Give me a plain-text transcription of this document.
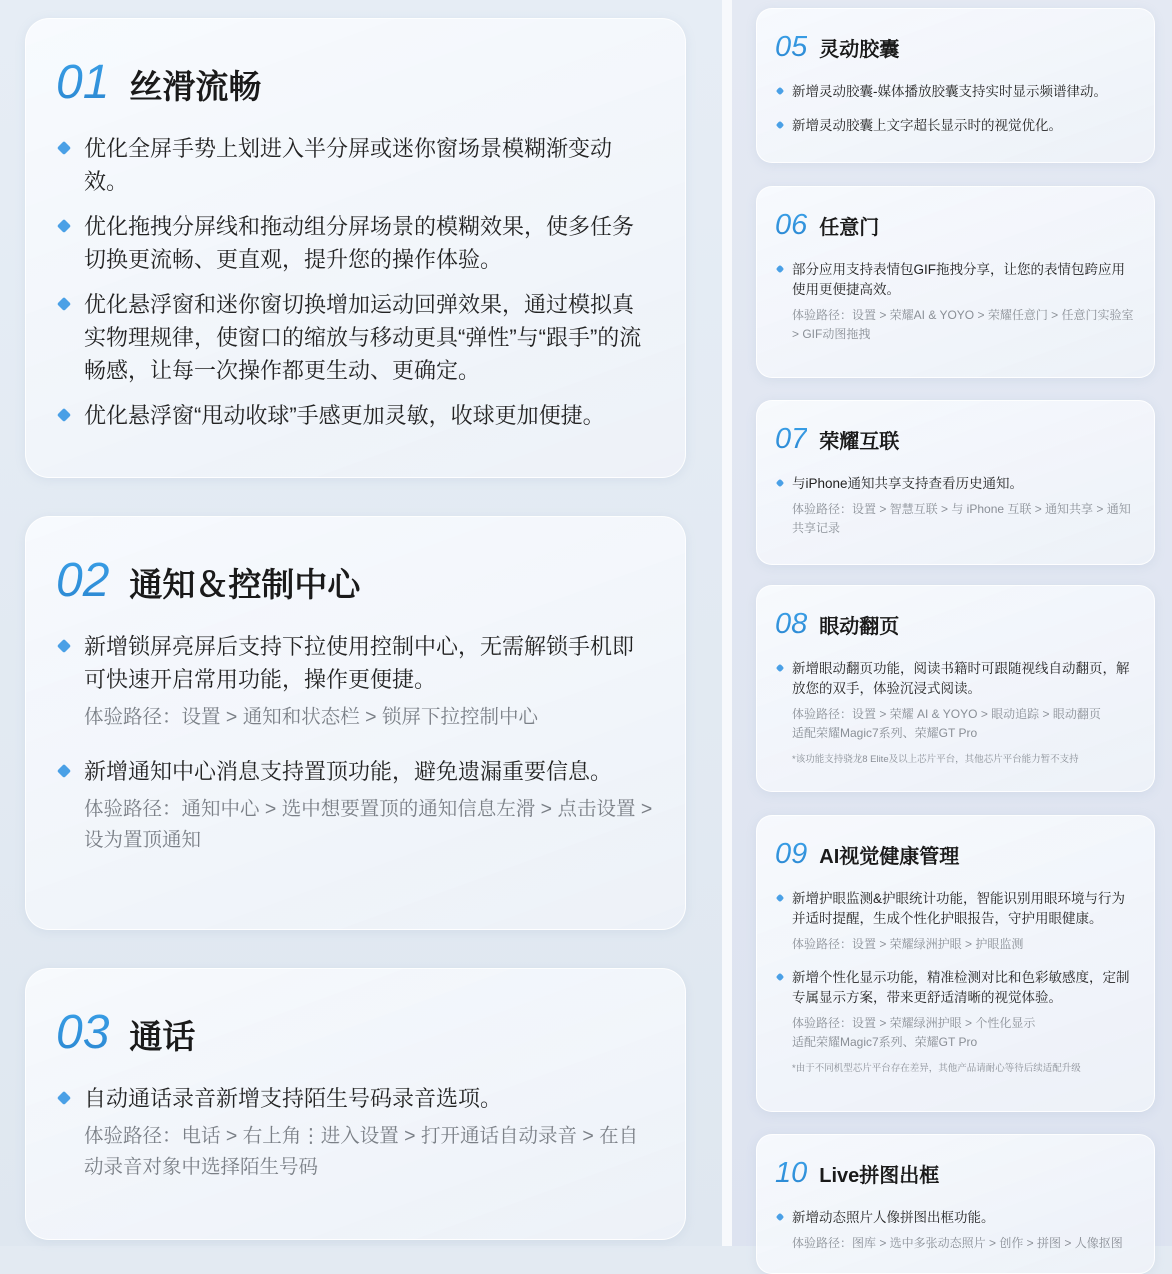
01 丝滑流畅
优化全屏手势上划进入半分屏或迷你窗场景模糊渐变动效。
优化拖拽分屏线和拖动组分屏场景的模糊效果，使多任务切换更流畅、更直观，提升您的操作体验。
优化悬浮窗和迷你窗切换增加运动回弹效果，通过模拟真实物理规律，使窗口的缩放与移动更具“弹性”与“跟手”的流畅感，让每一次操作都更生动、更确定。
优化悬浮窗“甩动收球”手感更加灵敏，收球更加便捷。
02 通知＆控制中心
新增锁屏亮屏后支持下拉使用控制中心，无需解锁手机即可快速开启常用功能，操作更便捷。
体验路径：设置 > 通知和状态栏 > 锁屏下拉控制中心
新增通知中心消息支持置顶功能，避免遗漏重要信息。
体验路径：通知中心 > 选中想要置顶的通知信息左滑 > 点击设置 > 设为置顶通知
03 通话
自动通话录音新增支持陌生号码录音选项。
体验路径：电话 > 右上角⋮进入设置 > 打开通话自动录音 > 在自动录音对象中选择陌生号码
05 灵动胶囊
新增灵动胶囊-媒体播放胶囊支持实时显示频谱律动。
新增灵动胶囊上文字超长显示时的视觉优化。
06 任意门
部分应用支持表情包GIF拖拽分享，让您的表情包跨应用使用更便捷高效。
体验路径：设置 > 荣耀AI & YOYO > 荣耀任意门 > 任意门实验室 > GIF动图拖拽
07 荣耀互联
与iPhone通知共享支持查看历史通知。
体验路径：设置 > 智慧互联 > 与 iPhone 互联 > 通知共享 > 通知共享记录
08 眼动翻页
新增眼动翻页功能，阅读书籍时可跟随视线自动翻页，解放您的双手，体验沉浸式阅读。
体验路径：设置 > 荣耀 AI & YOYO > 眼动追踪 > 眼动翻页
适配荣耀Magic7系列、荣耀GT Pro
*该功能支持骁龙8 Elite及以上芯片平台，其他芯片平台能力暂不支持
09 AI视觉健康管理
新增护眼监测&护眼统计功能，智能识别用眼环境与行为并适时提醒，生成个性化护眼报告，守护用眼健康。
体验路径：设置 > 荣耀绿洲护眼 > 护眼监测
新增个性化显示功能，精准检测对比和色彩敏感度，定制专属显示方案，带来更舒适清晰的视觉体验。
体验路径：设置 > 荣耀绿洲护眼 > 个性化显示
适配荣耀Magic7系列、荣耀GT Pro
*由于不同机型芯片平台存在差异，其他产品请耐心等待后续适配升级
10 Live拼图出框
新增动态照片人像拼图出框功能。
体验路径：图库 > 选中多张动态照片 > 创作 > 拼图 > 人像抠图
